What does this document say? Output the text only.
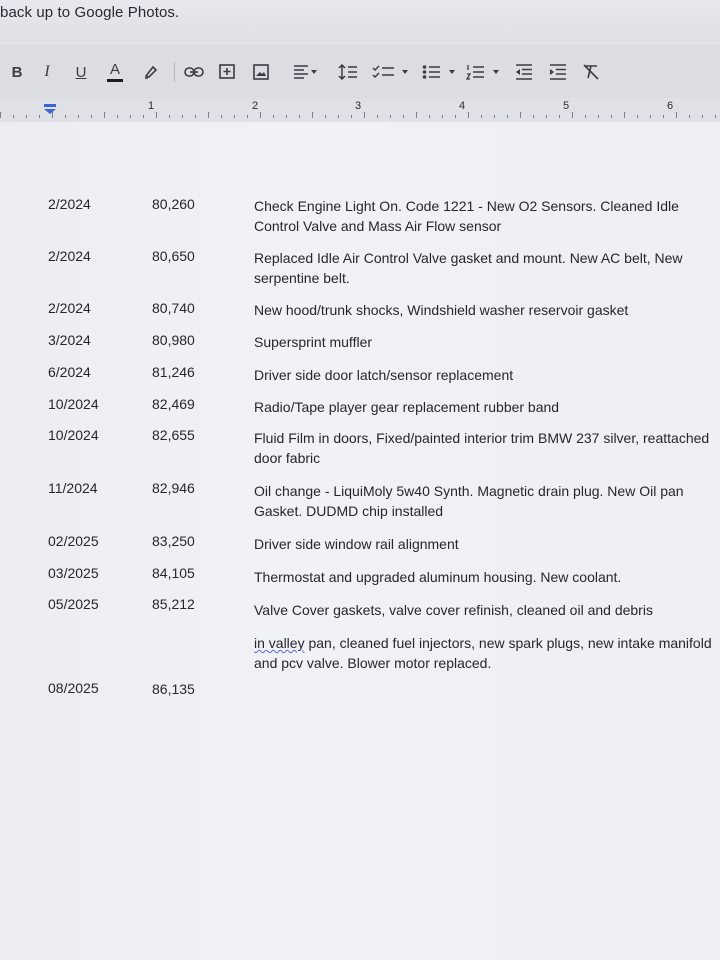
back up to Google Photos.
B	I	U A
1	2	3	4	5	6
2/2024	80,260	Check Engine Light On. Code 1221 - New O2 Sensors. Cleaned Idle Control Valve and Mass Air Flow sensor
2/2024	80,650	Replaced Idle Air Control Valve gasket and mount. New AC belt, New serpentine belt.
2/2024	80,740	New hood/trunk shocks, Windshield washer reservoir gasket
3/2024	80,980	Supersprint muffler
6/2024	81,246	Driver side door latch/sensor replacement
10/2024	82,469	Radio/Tape player gear replacement rubber band
10/2024	82,655	Fluid Film in doors, Fixed/painted interior trim BMW 237 silver, reattached door fabric
11/2024	82,946	Oil change - LiquiMoly 5w40 Synth. Magnetic drain plug. New Oil pan Gasket. DUDMD chip installed
02/2025	83,250	Driver side window rail alignment
03/2025	84,105	Thermostat and upgraded aluminum housing. New coolant.
05/2025	85,212	Valve Cover gaskets, valve cover refinish, cleaned oil and debris
in valley pan, cleaned fuel injectors, new spark plugs, new intake manifold and pcv valve. Blower motor replaced.
08/2025	86,135
